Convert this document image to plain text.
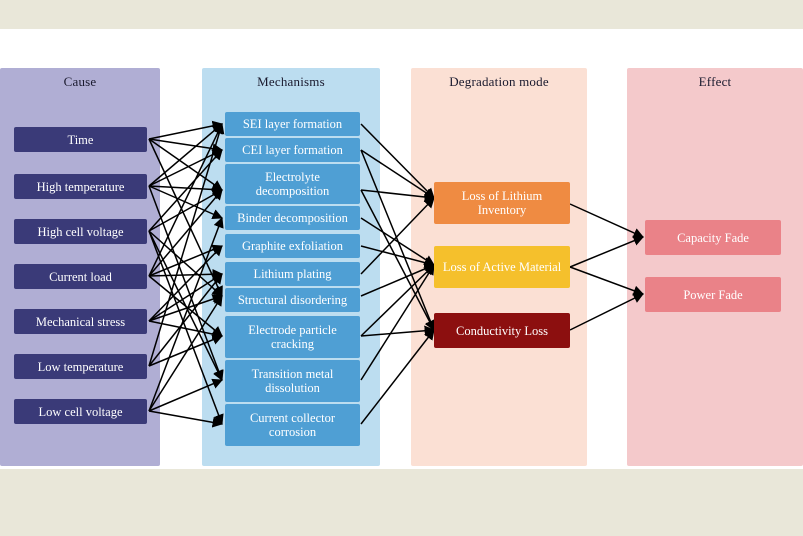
Cause	Mechanisms	Degradation mode	Effect
Time
High temperature
High cell voltage
Current load
Mechanical stress
Low temperature
Low cell voltage
SEI layer formation
CEI layer formation
Electrolyte decomposition
Binder decomposition
Graphite exfoliation
Lithium plating
Structural disordering
Electrode particle cracking
Transition metal dissolution
Current collector corrosion
Loss of Lithium Inventory
Loss of Active Material
Conductivity Loss
Capacity Fade
Power Fade
